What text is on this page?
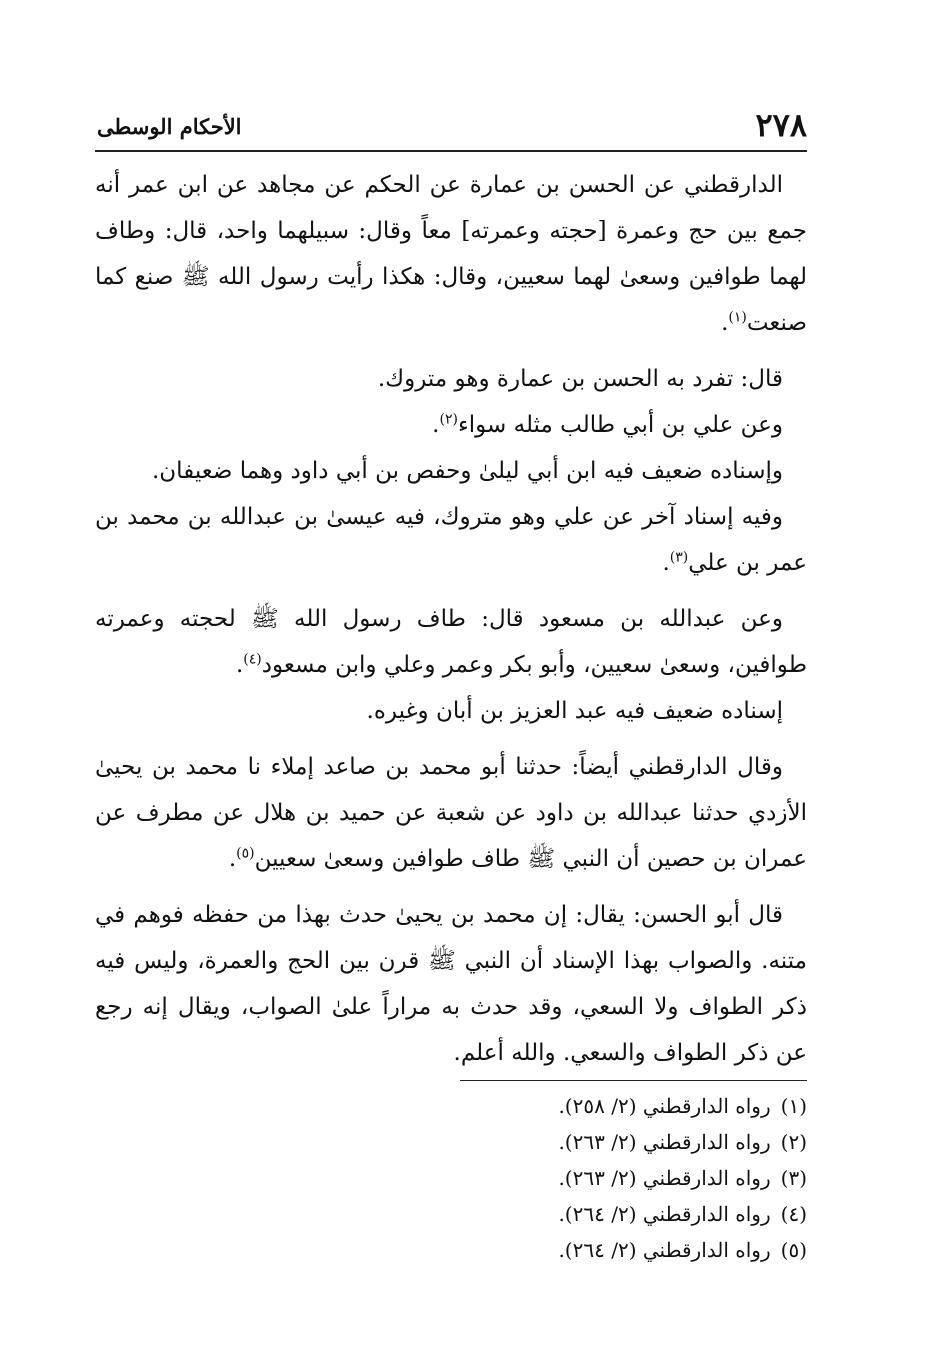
٢٧٨
الأحكام الوسطى

الدارقطني عن الحسن بن عمارة عن الحكم عن مجاهد عن ابن عمر أنه جمع بين حج وعمرة [حجته وعمرته] معاً وقال: سبيلهما واحد، قال: وطاف لهما طوافين وسعىٰ لهما سعيين، وقال: هكذا رأيت رسول الله ﷺ صنع كما صنعت$^{(١)}$.

قال: تفرد به الحسن بن عمارة وهو متروك.

وعن علي بن أبي طالب مثله سواء$^{(٢)}$.

وإسناده ضعيف فيه ابن أبي ليلىٰ وحفص بن أبي داود وهما ضعيفان.

وفيه إسناد آخر عن علي وهو متروك، فيه عيسىٰ بن عبدالله بن محمد بن عمر بن علي$^{(٣)}$.

وعن عبدالله بن مسعود قال: طاف رسول الله ﷺ لحجته وعمرته طوافين، وسعىٰ سعيين، وأبو بكر وعمر وعلي وابن مسعود$^{(٤)}$.

إسناده ضعيف فيه عبد العزيز بن أبان وغيره.

وقال الدارقطني أيضاً: حدثنا أبو محمد بن صاعد إملاء نا محمد بن يحيىٰ الأزدي حدثنا عبدالله بن داود عن شعبة عن حميد بن هلال عن مطرف عن عمران بن حصين أن النبي ﷺ طاف طوافين وسعىٰ سعيين$^{(٥)}$.

قال أبو الحسن: يقال: إن محمد بن يحيىٰ حدث بهذا من حفظه فوهم في متنه. والصواب بهذا الإسناد أن النبي ﷺ قرن بين الحج والعمرة، وليس فيه ذكر الطواف ولا السعي، وقد حدث به مراراً علىٰ الصواب، ويقال إنه رجع عن ذكر الطواف والسعي. والله أعلم.

(١)رواه الدارقطني (٢/ ٢٥٨).
(٢)رواه الدارقطني (٢/ ٢٦٣).
(٣)رواه الدارقطني (٢/ ٢٦٣).
(٤)رواه الدارقطني (٢/ ٢٦٤).
(٥)رواه الدارقطني (٢/ ٢٦٤).
